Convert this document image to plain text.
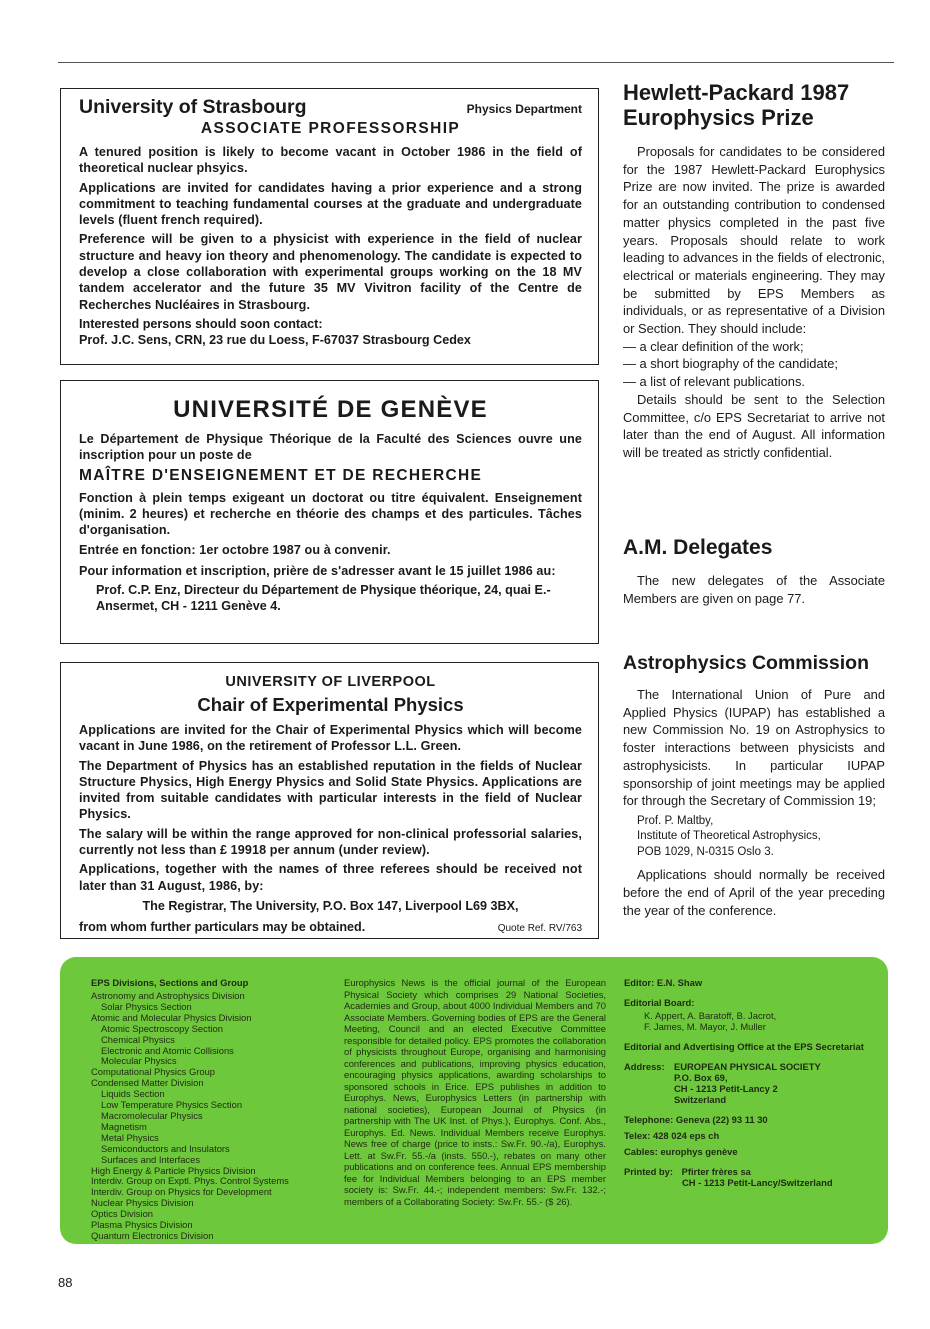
University of Strasbourg	Physics Department
ASSOCIATE PROFESSORSHIP

A tenured position is likely to become vacant in October 1986 in the field of theoretical nuclear phsyics.

Applications are invited for candidates having a prior experience and a strong commitment to teaching fundamental courses at the graduate and undergraduate levels (fluent french required).

Preference will be given to a physicist with experience in the field of nuclear structure and heavy ion theory and phenomenology. The candidate is expected to develop a close collaboration with experimental groups working on the 18 MV tandem accelerator and the future 35 MV Vivitron facility of the Centre de Recherches Nucléaires in Strasbourg.

Interested persons should soon contact:
Prof. J.C. Sens, CRN, 23 rue du Loess, F-67037 Strasbourg Cedex
UNIVERSITÉ DE GENÈVE

Le Département de Physique Théorique de la Faculté des Sciences ouvre une inscription pour un poste de

MAÎTRE D'ENSEIGNEMENT ET DE RECHERCHE

Fonction à plein temps exigeant un doctorat ou titre équivalent. Enseignement (minim. 2 heures) et recherche en théorie des champs et des particules. Tâches d'organisation.

Entrée en fonction: 1er octobre 1987 ou à convenir.

Pour information et inscription, prière de s'adresser avant le 15 juillet 1986 au:

Prof. C.P. Enz, Directeur du Département de Physique théorique, 24, quai E.-Ansermet, CH - 1211 Genève 4.
UNIVERSITY OF LIVERPOOL
Chair of Experimental Physics

Applications are invited for the Chair of Experimental Physics which will become vacant in June 1986, on the retirement of Professor L.L. Green.

The Department of Physics has an established reputation in the fields of Nuclear Structure Physics, High Energy Physics and Solid State Physics. Applications are invited from suitable candidates with particular interests in the field of Nuclear Physics.

The salary will be within the range approved for non-clinical professorial salaries, currently not less than £ 19918 per annum (under review).

Applications, together with the names of three referees should be received not later than 31 August, 1986, by:

The Registrar, The University, P.O. Box 147, Liverpool L69 3BX,
from whom further particulars may be obtained.	Quote Ref. RV/763
Hewlett-Packard 1987 Europhysics Prize

Proposals for candidates to be considered for the 1987 Hewlett-Packard Europhysics Prize are now invited. The prize is awarded for an outstanding contribution to condensed matter physics completed in the past five years. Proposals should relate to work leading to advances in the fields of electronic, electrical or materials engineering. They may be submitted by EPS Members as individuals, or as representative of a Division or Section. They should include:

— a clear definition of the work;

— a short biography of the candidate;

— a list of relevant publications.

Details should be sent to the Selection Committee, c/o EPS Secretariat to arrive not later than the end of August. All information will be treated as strictly confidential.

A.M. Delegates

The new delegates of the Associate Members are given on page 77.

Astrophysics Commission

The International Union of Pure and Applied Physics (IUPAP) has established a new Commission No. 19 on Astrophysics to foster interactions between physicists and astrophysicists. In particular IUPAP sponsorship of joint meetings may be applied for through the Secretary of Commission 19;

Prof. P. Maltby,
Institute of Theoretical Astrophysics,
POB 1029, N-0315 Oslo 3.

Applications should normally be received before the end of April of the year preceding the year of the conference.

EPS Divisions, Sections and Group
Astronomy and Astrophysics Division
Solar Physics Section
Atomic and Molecular Physics Division
Atomic Spectroscopy Section
Chemical Physics
Electronic and Atomic Collisions
Molecular Physics
Computational Physics Group
Condensed Matter Division
Liquids Section
Low Temperature Physics Section
Macromolecular Physics
Magnetism
Metal Physics
Semiconductors and Insulators
Surfaces and Interfaces
High Energy & Particle Physics Division
Interdiv. Group on Exptl. Phys. Control Systems
Interdiv. Group on Physics for Development
Nuclear Physics Division
Optics Division
Plasma Physics Division
Quantum Electronics Division
Europhysics News is the official journal of the European Physical Society which comprises 29 National Societies, Academies and Group, about 4000 Individual Members and 70 Associate Members. Governing bodies of EPS are the General Meeting, Council and an elected Executive Committee responsible for detailed policy. EPS promotes the collaboration of physicists throughout Europe, organising and harmonising conferences and publications, improving physics education, encouraging physics applications, awarding scholarships to sponsored schools in Erice. EPS publishes in addition to Europhys. News, Europhysics Letters (in partnership with national societies), European Journal of Physics (in partnership with The UK Inst. of Phys.), Europhys. Conf. Abs., Europhys. Ed. News. Individual Members receive Europhys. News free of charge (price to insts.: Sw.Fr. 90.-/a), Europhys. Lett. at Sw.Fr. 55.-/a (insts. 550.-), rebates on many other publications and on conference fees. Annual EPS membership fee for Individual Members belonging to an EPS member society is: Sw.Fr. 44.-; independent members: Sw.Fr. 132.-; members of a Collaborating Society: Sw.Fr. 55.- ($ 26).
Editor: E.N. Shaw
Editorial Board:
K. Appert, A. Baratoff, B. Jacrot,
F. James, M. Mayor, J. Muller
Editorial and Advertising Office at the EPS Secretariat
Address: EUROPEAN PHYSICAL SOCIETY
P.O. Box 69,
CH - 1213 Petit-Lancy 2
Switzerland
Telephone: Geneva (22) 93 11 30
Telex: 428 024 eps ch
Cables: europhys genève
Printed by: Pfirter frères sa
CH - 1213 Petit-Lancy/Switzerland
88
